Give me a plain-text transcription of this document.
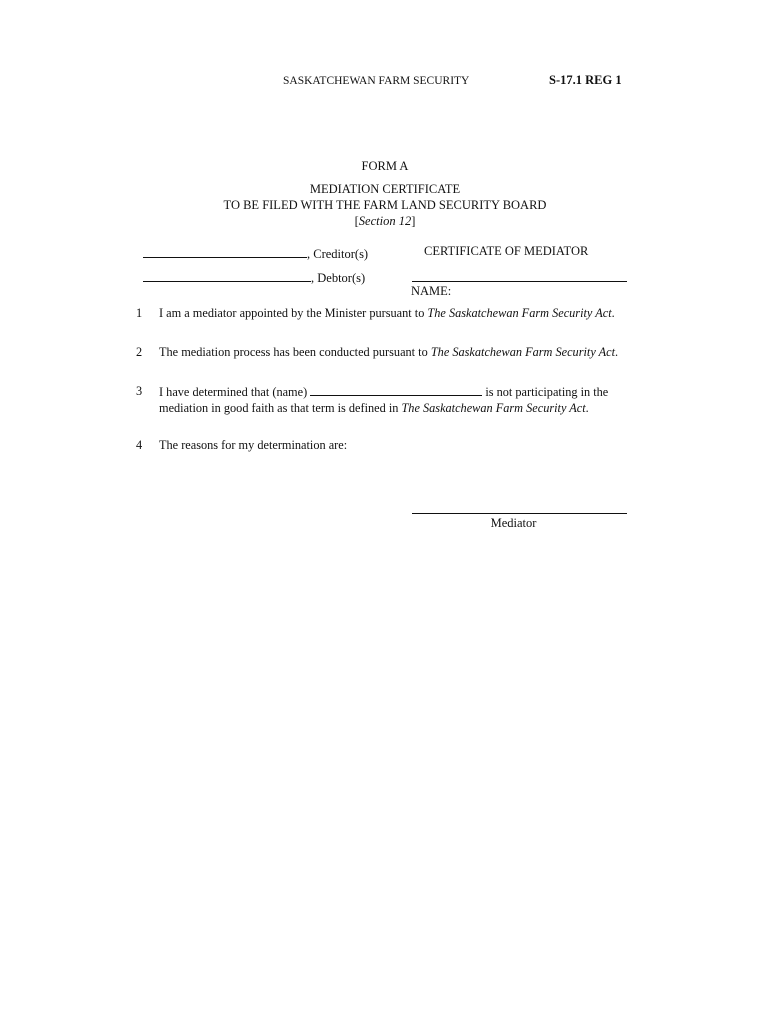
SASKATCHEWAN FARM SECURITY	S-17.1 REG 1
FORM A
MEDIATION CERTIFICATE
TO BE FILED WITH THE FARM LAND SECURITY BOARD
[Section 12]
, Creditor(s)	CERTIFICATE OF MEDIATOR
, Debtor(s)
NAME:
1 I am a mediator appointed by the Minister pursuant to The Saskatchewan Farm Security Act.
2 The mediation process has been conducted pursuant to The Saskatchewan Farm Security Act.
3 I have determined that (name)	is not participating in the mediation in good faith as that term is defined in The Saskatchewan Farm Security Act.
4 The reasons for my determination are:
Mediator
